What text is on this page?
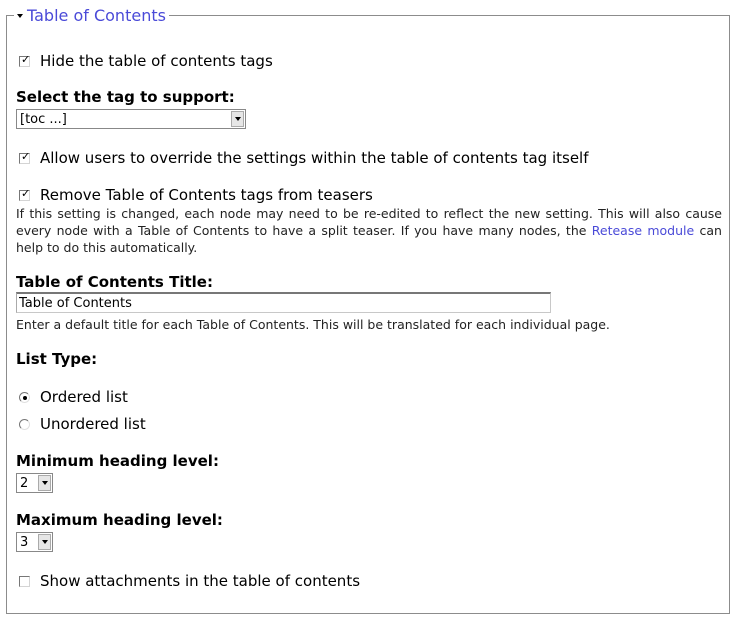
Table of Contents
✓ Hide the table of contents tags
Select the tag to support:
[toc ...]
✓ Allow users to override the settings within the table of contents tag itself
✓ Remove Table of Contents tags from teasers
If this setting is changed, each node may need to be re-edited to reflect the new setting. This will also cause every node with a Table of Contents to have a split teaser. If you have many nodes, the Retease module can help to do this automatically.
Table of Contents Title:
Table of Contents
Enter a default title for each Table of Contents. This will be translated for each individual page.
List Type:
Ordered list
Unordered list
Minimum heading level:
2
Maximum heading level:
3
Show attachments in the table of contents
